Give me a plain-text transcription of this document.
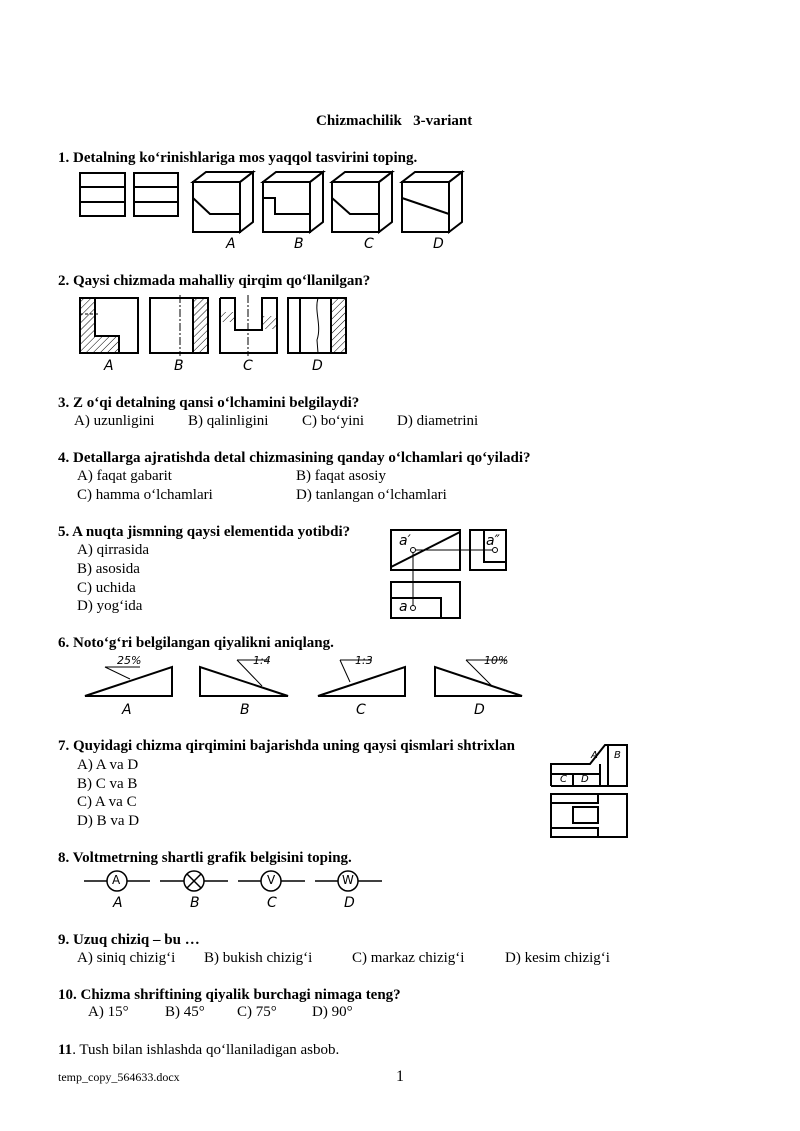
Chizmachilik   3-variant
1. Detalning ko‘rinishlariga mos yaqqol tasvirini toping.
A	B	C	D
2. Qaysi chizmada mahalliy qirqim qo‘llanilgan?
A	B	C	D
3. Z o‘qi detalning qansi o‘lchamini belgilaydi?
A) uzunligini B) qalinligini C) bo‘yini D) diametrini
4. Detallarga ajratishda detal chizmasining qanday o‘lchamlari qo‘yiladi?
A) faqat gabarit	B) faqat asosiy
C) hamma o‘lchamlari	D) tanlangan o‘lchamlari
5. A nuqta jismning qaysi elementida yotibdi?
A) qirrasida
B) asosida
C) uchida
D) yog‘ida
a′	a″
a
6. Noto‘g‘ri belgilangan qiyalikni aniqlang.
25%	1:4	1:3	10%
A	B	C	D
7. Quyidagi chizma qirqimini bajarishda uning qaysi qismlari shtrixlan
A) A va D
B) C va B
C) A va C
D) B va D
A B
C D
8. Voltmetrning shartli grafik belgisini toping.
A	V	W
A	B	C	D
9. Uzuq chiziq – bu …
A) siniq chizig‘i B) bukish chizig‘i	C) markaz chizig‘i	D) kesim chizig‘i
10. Chizma shriftining qiyalik burchagi nimaga teng?
A) 15° B) 45° C) 75° D) 90°
11. Tush bilan ishlashda qo‘llaniladigan asbob.
temp_copy_564633.docx	1
